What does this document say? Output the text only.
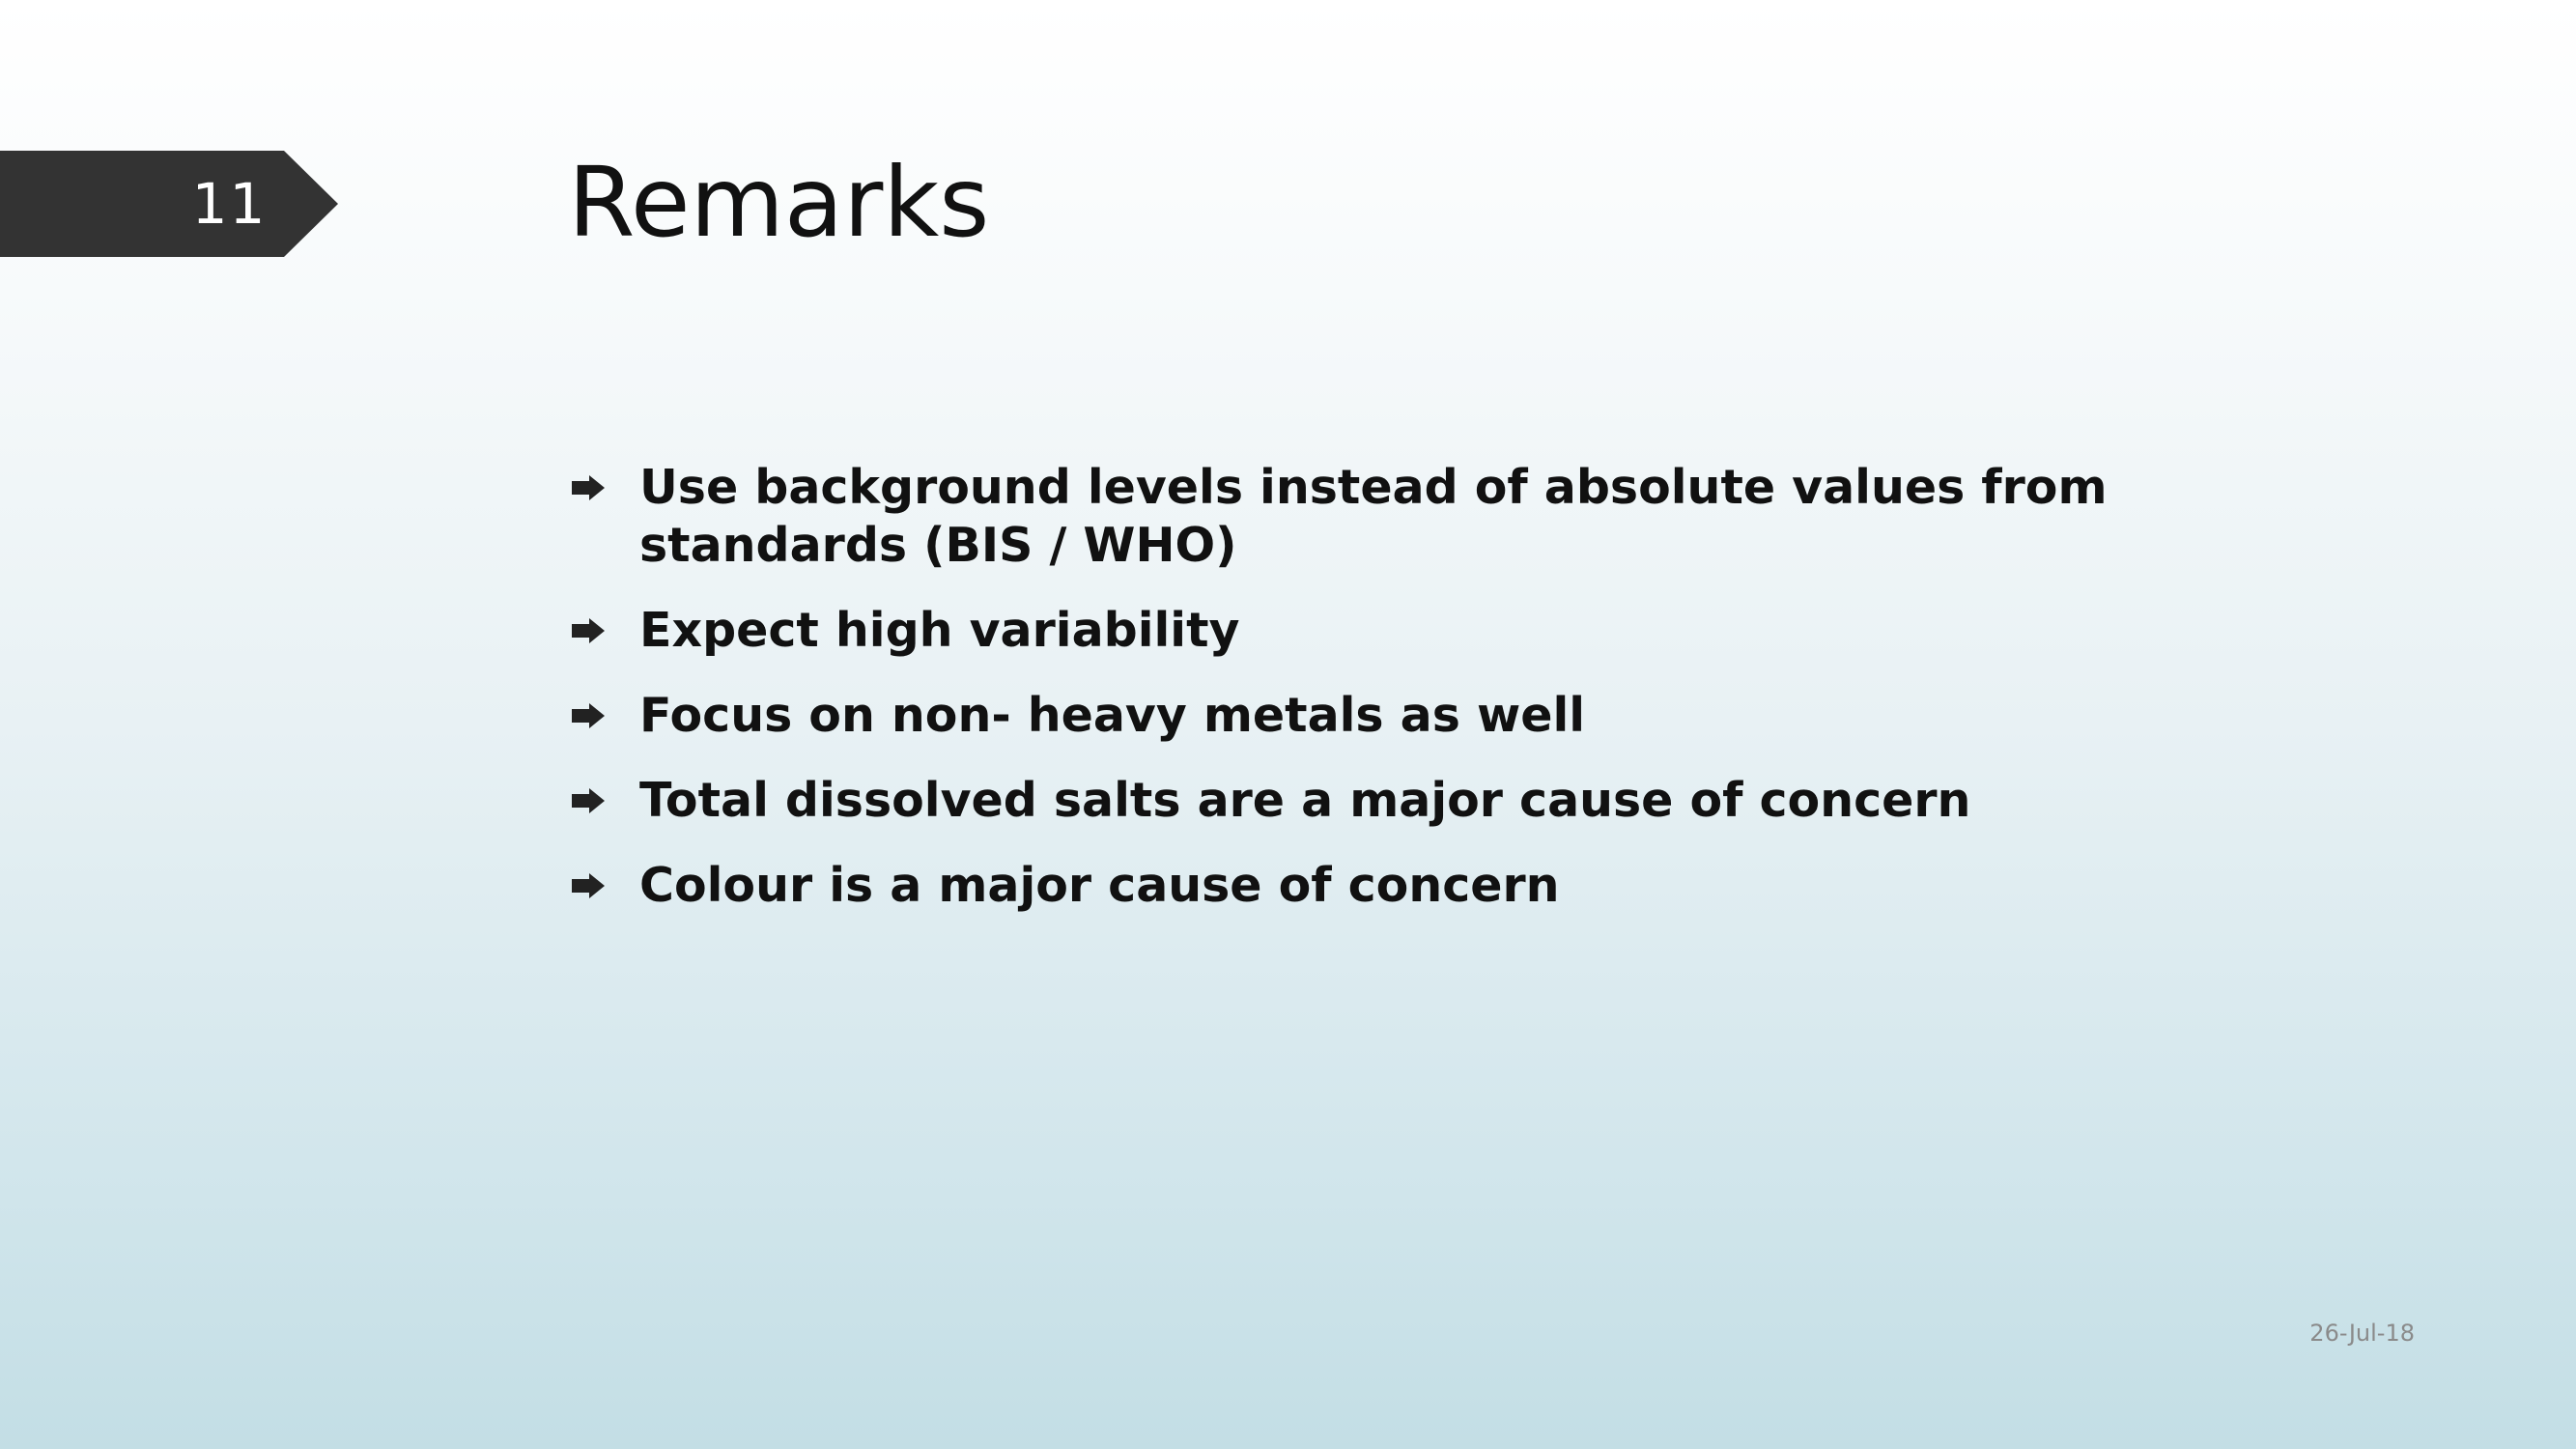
11	Remarks
Use background levels instead of absolute values from standards (BIS / WHO)
Expect high variability
Focus on non- heavy metals as well
Total dissolved salts are a major cause of concern
Colour is a major cause of concern
26-Jul-18
